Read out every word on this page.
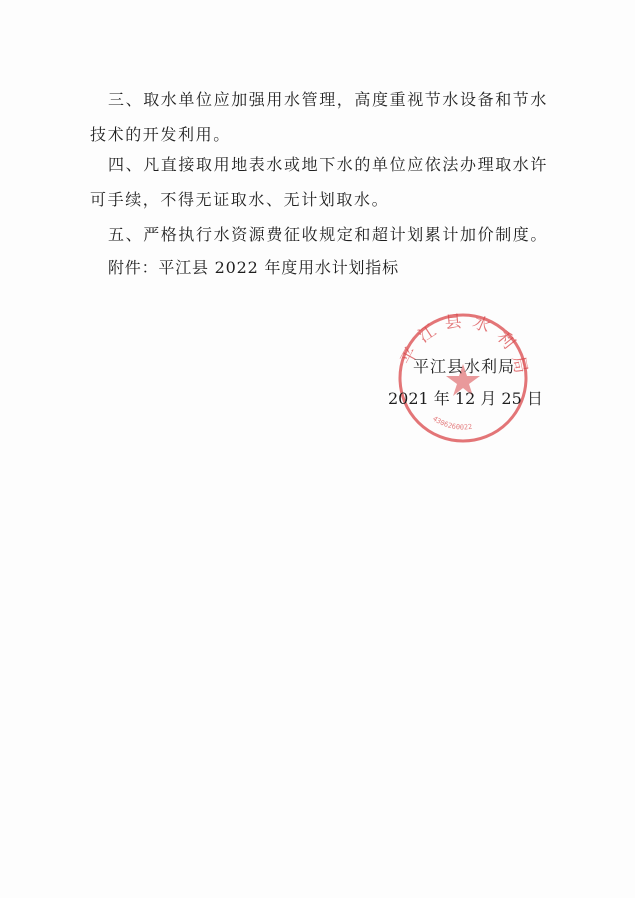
三、取水单位应加强用水管理，高度重视节水设备和节水
技术的开发利用。
四、凡直接取用地表水或地下水的单位应依法办理取水许
可手续，不得无证取水、无计划取水。
五、严格执行水资源费征收规定和超计划累计加价制度。
附件：平江县 2022 年度用水计划指标
平江县水利局
4306260022
平江县水利局
2021 年 12 月 25 日
